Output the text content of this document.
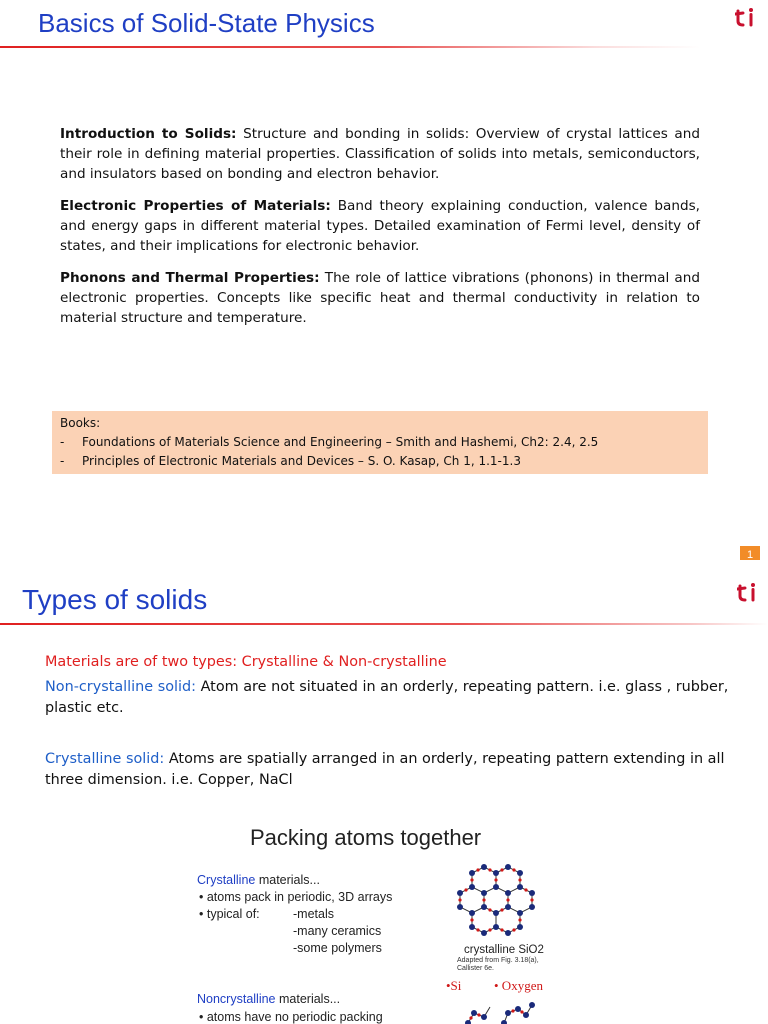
Basics of Solid-State Physics

Introduction to Solids: Structure and bonding in solids: Overview of crystal lattices and their role in defining material properties. Classification of solids into metals, semiconductors, and insulators based on bonding and electron behavior.

Electronic Properties of Materials: Band theory explaining conduction, valence bands, and energy gaps in different material types. Detailed examination of Fermi level, density of states, and their implications for electronic behavior.

Phonons and Thermal Properties: The role of lattice vibrations (phonons) in thermal and electronic properties. Concepts like specific heat and thermal conductivity in relation to material structure and temperature.

Books:
- Foundations of Materials Science and Engineering – Smith and Hashemi, Ch2: 2.4, 2.5
- Principles of Electronic Materials and Devices – S. O. Kasap, Ch 1, 1.1-1.3
1
Types of solids
Materials are of two types: Crystalline & Non-crystalline
Non-crystalline solid: Atom are not situated in an orderly, repeating pattern. i.e. glass , rubber, plastic etc.
Crystalline solid: Atoms are spatially arranged in an orderly, repeating pattern extending in all three dimension. i.e. Copper, NaCl
Packing atoms together
Crystalline materials...
• atoms pack in periodic, 3D arrays
• typical of:	-metals
-many ceramics
-some polymers	crystalline SiO2
Adapted from Fig. 3.18(a),
Callister 6e.
•Si	• Oxygen
Noncrystalline materials...
• atoms have no periodic packing
